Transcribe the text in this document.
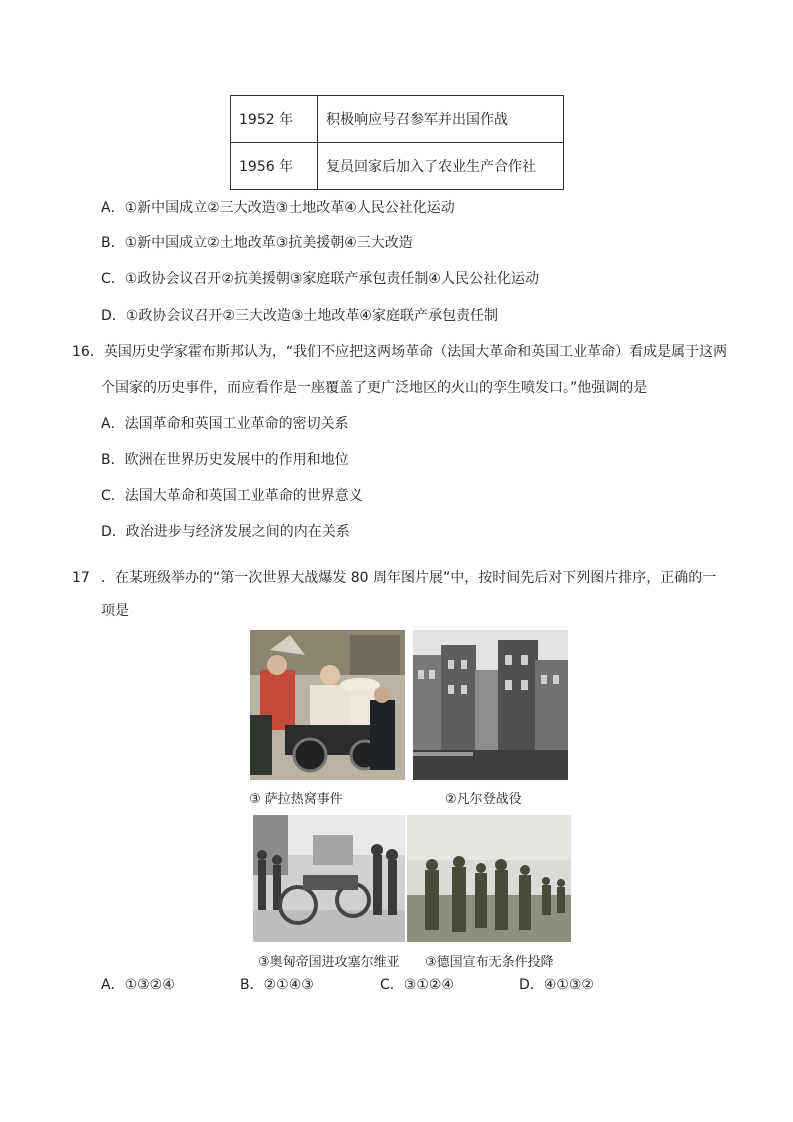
1952 年	积极响应号召参军并出国作战
1956 年	复员回家后加入了农业生产合作社
A．①新中国成立②三大改造③土地改革④人民公社化运动
B．①新中国成立②土地改革③抗美援朝④三大改造
C．①政协会议召开②抗美援朝③家庭联产承包责任制④人民公社化运动
D．①政协会议召开②三大改造③土地改革④家庭联产承包责任制
16．英国历史学家霍布斯邦认为，“我们不应把这两场革命（法国大革命和英国工业革命）看成是属于这两
个国家的历史事件，而应看作是一座覆盖了更广泛地区的火山的孪生喷发口。”他强调的是
A．法国革命和英国工业革命的密切关系
B．欧洲在世界历史发展中的作用和地位
C．法国大革命和英国工业革命的世界意义
D．政治进步与经济发展之间的内在关系
17 ．在某班级举办的“第一次世界大战爆发 80 周年图片展”中，按时间先后对下列图片排序，正确的一
项是
③ 萨拉热窝事件	②凡尔登战役
③奥匈帝国进攻塞尔维亚 ③德国宣布无条件投降
A．①③②④	B．②①④③	C．③①②④	D．④①③②
